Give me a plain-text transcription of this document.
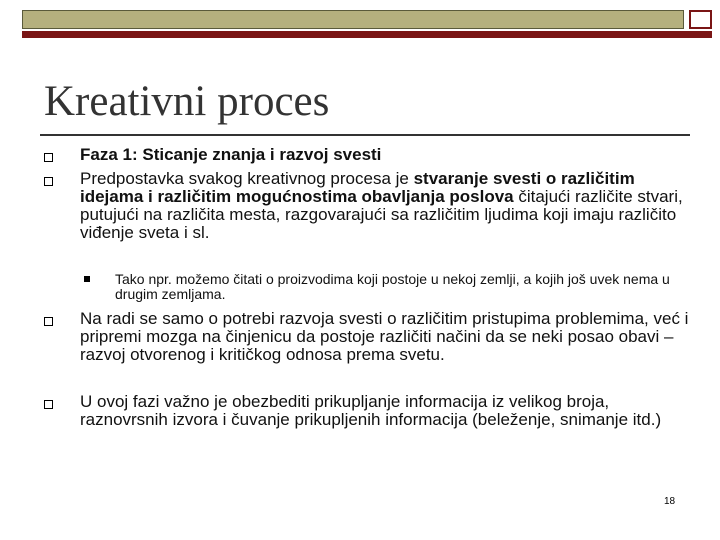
Kreativni proces
Faza 1: Sticanje znanja i razvoj svesti
Predpostavka svakog kreativnog procesa je stvaranje svesti o različitim idejama i različitim mogućnostima obavljanja poslova čitajući različite stvari, putujući na različita mesta, razgovarajući sa različitim ljudima koji imaju različito viđenje sveta i sl.
Tako npr. možemo čitati o proizvodima koji postoje u nekoj zemlji, a kojih još uvek nema u drugim zemljama.
Na radi se samo o potrebi razvoja svesti o različitim pristupima problemima, već i pripremi mozga na činjenicu da postoje različiti načini da se neki posao obavi – razvoj otvorenog i kritičkog odnosa prema svetu.
U ovoj fazi važno je obezbediti prikupljanje informacija iz velikog broja, raznovrsnih izvora i čuvanje prikupljenih informacija (beleženje, snimanje itd.)
18
